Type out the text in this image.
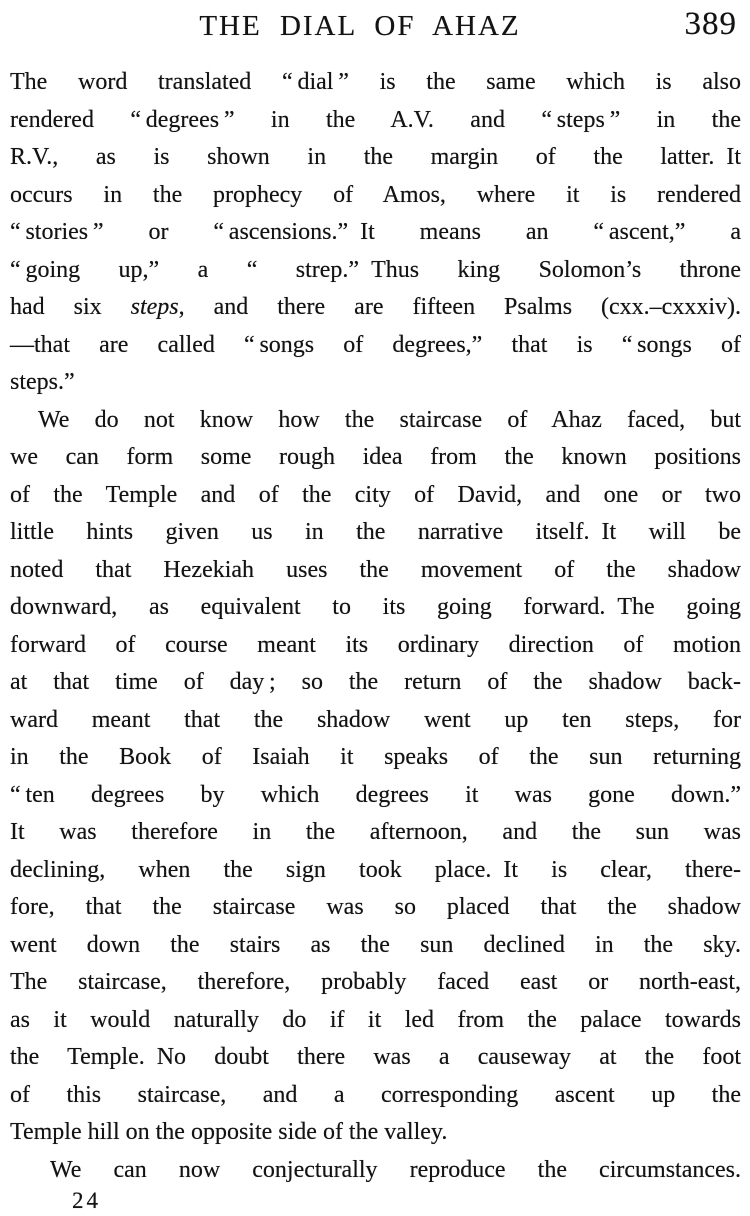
THE DIAL OF AHAZ	389
The word translated “ dial ” is the same which is also
rendered “ degrees ” in the A.V. and “ steps ” in the
R.V., as is shown in the margin of the latter. It
occurs in the prophecy of Amos, where it is rendered
“ stories ” or “ ascensions.” It means an “ ascent,” a
“ going up,” a “ str​ep.” Thus king Solomon’s throne
had six steps, and there are fifteen Psalms (cxx.–cxxxiv).
—that are called “ songs of degrees,” that is “ songs of
steps.”
We do not know how the staircase of Ahaz faced, but
we can form some rough idea from the known positions
of the Temple and of the city of David, and one or two
little hints given us in the narrative itself. It will be
noted that Hezekiah uses the movement of the shadow
downward, as equivalent to its going forward. The going
forward of course meant its ordinary direction of motion
at that time of day ; so the return of the shadow back-
ward meant that the shadow went up ten steps, for
in the Book of Isaiah it speaks of the sun returning
“ ten degrees by which degrees it was gone down.”
It was therefore in the afternoon, and the sun was
declining, when the sign took place. It is clear, there-
fore, that the staircase was so placed that the shadow
went down the stairs as the sun declined in the sky.
The staircase, therefore, probably faced east or north-east,
as it would naturally do if it led from the palace towards
the Temple. No doubt there was a causeway at the foot
of this staircase, and a corresponding ascent up the
Temple hill on the opposite side of the valley.
We can now conjecturally reproduce the circumstances.
24
